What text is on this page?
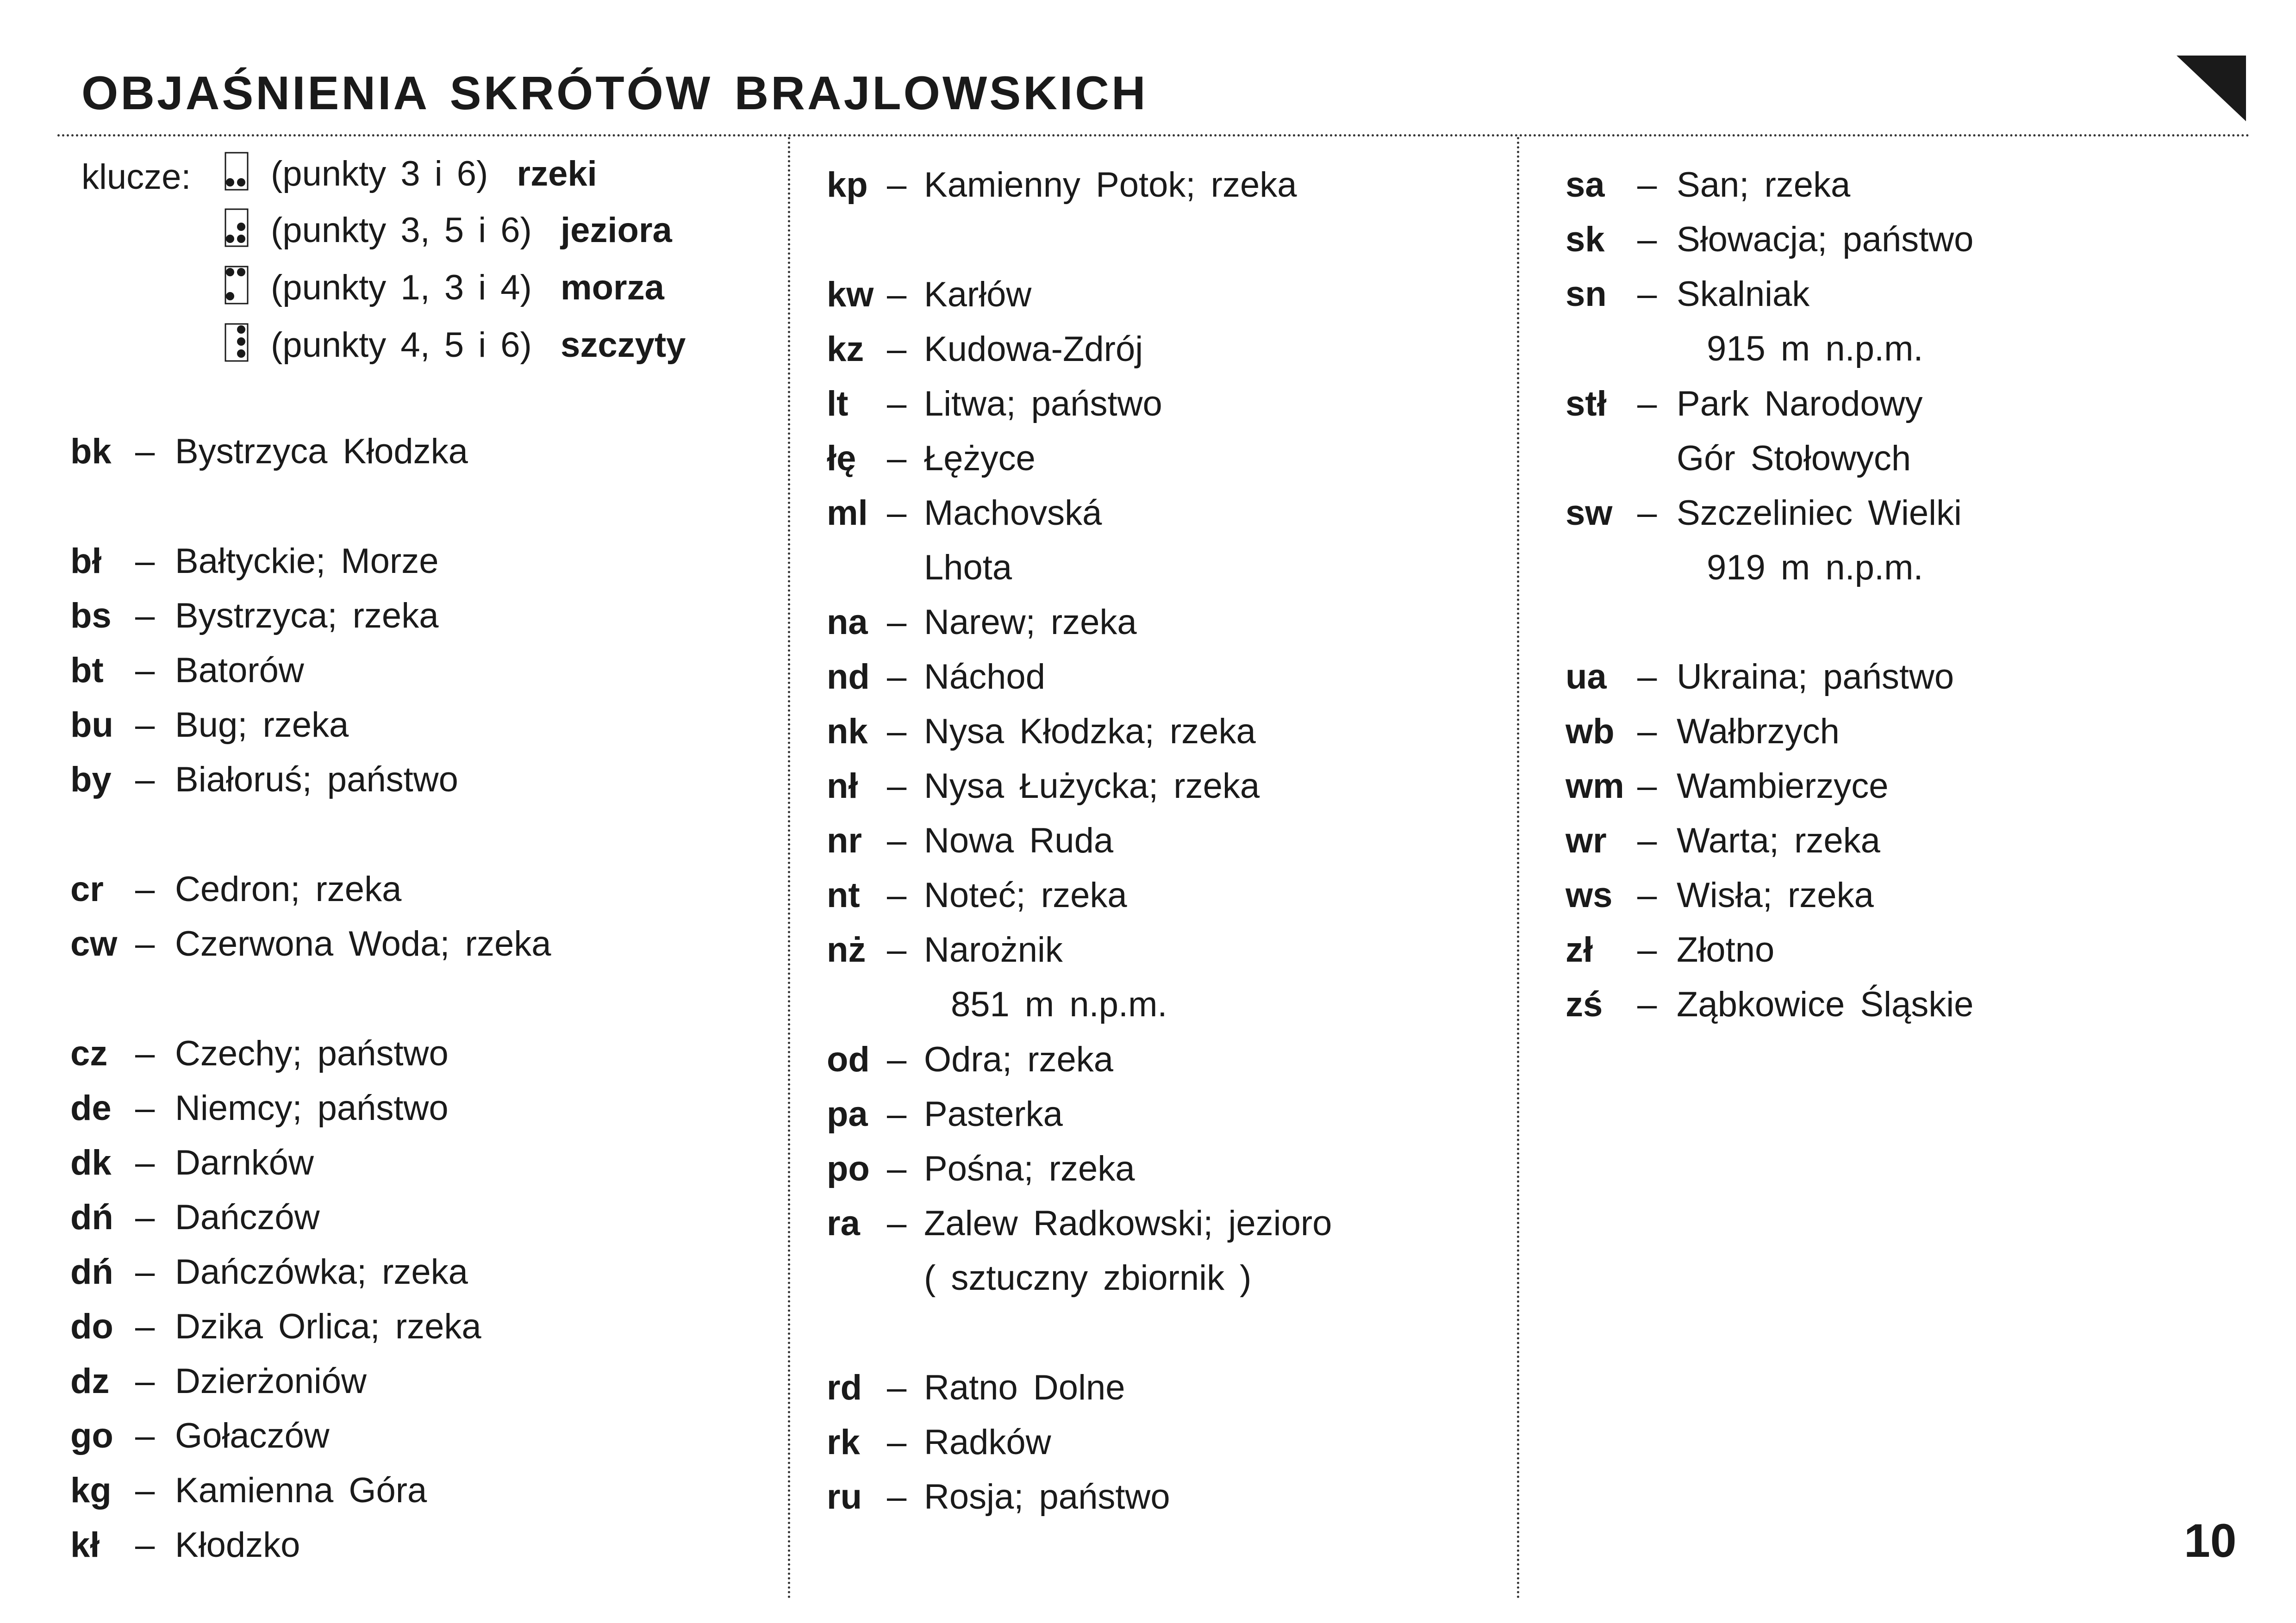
OBJAŚNIENIA SKRÓTÓW BRAJLOWSKICH
klucze: (punkty 3 i 6) rzeki
(punkty 3, 5 i 6) jeziora
(punkty 1, 3 i 4) morza
(punkty 4, 5 i 6) szczyty
bk – Bystrzyca Kłodzka
bł – Bałtyckie; Morze
bs – Bystrzyca; rzeka
bt – Batorów
bu – Bug; rzeka
by – Białoruś; państwo
cr – Cedron; rzeka
cw – Czerwona Woda; rzeka
cz – Czechy; państwo
de – Niemcy; państwo
dk – Darnków
dń – Dańczów
dń – Dańczówka; rzeka
do – Dzika Orlica; rzeka
dz – Dzierżoniów
go – Gołaczów
kg – Kamienna Góra
kł – Kłodzko
kp – Kamienny Potok; rzeka
kw – Karłów
kz – Kudowa-Zdrój
lt – Litwa; państwo
łę – Łężyce
ml – Machovská
Lhota
na – Narew; rzeka
nd – Náchod
nk – Nysa Kłodzka; rzeka
nł – Nysa Łużycka; rzeka
nr – Nowa Ruda
nt – Noteć; rzeka
nż – Narożnik
851 m n.p.m.
od – Odra; rzeka
pa – Pasterka
po – Pośna; rzeka
ra – Zalew Radkowski; jezioro
( sztuczny zbiornik )
rd – Ratno Dolne
rk – Radków
ru – Rosja; państwo
sa – San; rzeka
sk – Słowacja; państwo
sn – Skalniak
915 m n.p.m.
stł – Park Narodowy
Gór Stołowych
sw – Szczeliniec Wielki
919 m n.p.m.
ua – Ukraina; państwo
wb – Wałbrzych
wm – Wambierzyce
wr – Warta; rzeka
ws – Wisła; rzeka
zł – Złotno
zś – Ząbkowice Śląskie
10
